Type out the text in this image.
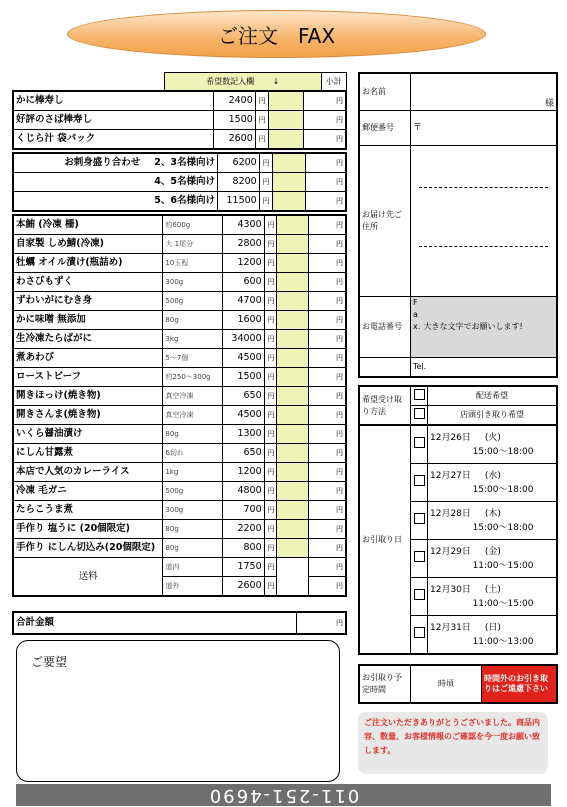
ご注文　FAX
	希望数記入欄 ↓	小計
かに棒寿し	2400	円		円
好評のさば棒寿し	1500	円		円
くじら汁 袋パック	2600	円		円
お刺身盛り合わせ 2、3名様向け	6200	円		円
4、5名様向け	8200	円		円
5、6名様向け	11500	円		円
本鮪 (冷凍 柵)	約600g	4300	円		円
自家製 しめ鯖(冷凍)	大 1尾分	2800	円		円
牡蠣 オイル漬け(瓶詰め)	10玉程	1200	円		円
わさびもずく	300g	600	円		円
ずわいがにむき身	500g	4700	円		円
かに味噌 無添加	80g	1600	円		円
生冷凍たらばがに	3kg	34000	円		円
煮あわび	5〜7個	4500	円		円
ローストビーフ	約250〜300g	1500	円		円
開きほっけ(焼き物)	真空冷凍	650	円		円
開きさんま(焼き物)	真空冷凍	4500	円		円
いくら醤油漬け	80g	1300	円		円
にしん甘露煮	6切れ	650	円		円
本店で人気のカレーライス	1kg	1200	円		円
冷凍 毛ガニ	500g	4800	円		円
たらこうま煮	300g	700	円		円
手作り 塩うに (20個限定)	80g	2200	円		円
手作り にしん切込み(20個限定)	80g	800	円		円
送料	道内	1750	円		円
	道外	2600	円		円
合計金額	円
ご要望
お名前	様
郵便番号	〒
お届け先ご住所	

お電話番号	Fax. 大きな文字でお願いします!
	Tel.
希望受け取り方法		配送希望
		店頭引き取り希望
お引取り日		12月26日 (火)
15:00〜18:00

		12月27日 (水)
15:00〜18:00

		12月28日 (木)
15:00〜18:00

		12月29日 (金)
11:00〜15:00

		12月30日 (土)
11:00〜15:00

		12月31日 (日)
11:00〜13:00
お引取り予定時間	時頃	時間外のお引き取りはご遠慮下さい
ご注文いただきありがとうございました。商品内容、数量、お客様情報のご確認を今一度お願い致します。
011-251-4690
